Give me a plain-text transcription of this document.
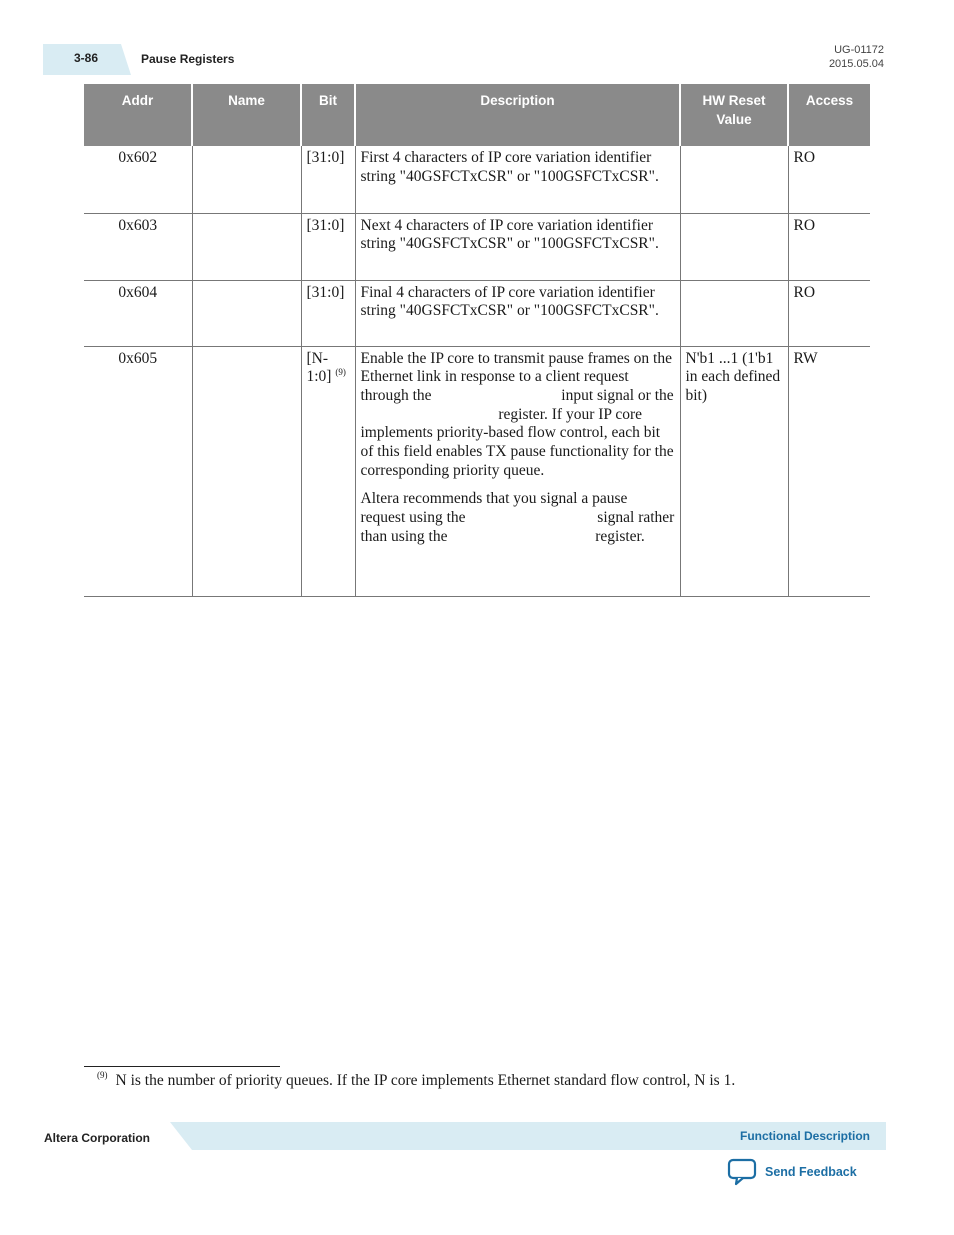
3-86	Pause Registers
UG-01172
2015.05.04
Addr	Name	Bit	Description	HW Reset Value	Access
0x602		[31:0]	First 4 characters of IP core variation identifier string "40GSFCTxCSR" or "100GSFCTxCSR".		RO
0x603		[31:0]	Next 4 characters of IP core variation identifier string "40GSFCTxCSR" or "100GSFCTxCSR".		RO
0x604		[31:0]	Final 4 characters of IP core variation identifier string "40GSFCTxCSR" or "100GSFCTxCSR".		RO
0x605		[N-1:0] $^{(9)}$	Enable the IP core to transmit pause frames on the Ethernet link in response to a client request through the input signal or the  register. If your IP core implements priority-based flow control, each bit of this field enables TX pause functionality for the corresponding priority queue.

Altera recommends that you signal a pause request using the signal rather than using the register.	N'b1 ...1 (1'b1 in each defined bit)	RW
$^{(9)}$ N is the number of priority queues. If the IP core implements Ethernet standard flow control, N is 1.
Altera Corporation	Functional Description
Send Feedback
